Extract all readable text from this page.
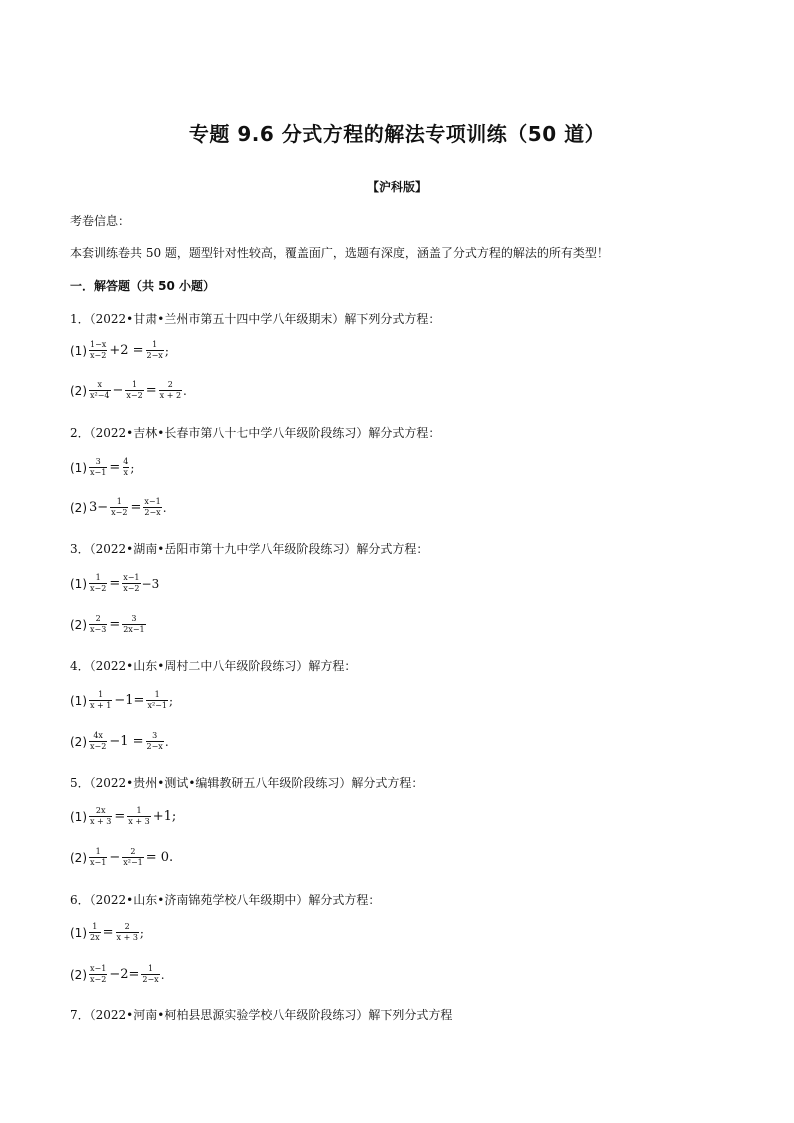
专题 9.6 分式方程的解法专项训练（50 道）
【沪科版】
考卷信息：
本套训练卷共 50 题，题型针对性较高，覆盖面广，选题有深度，涵盖了分式方程的解法的所有类型！
一．解答题（共 50 小题）
1．（2022•甘肃•兰州市第五十四中学八年级期末）解下列分式方程：
(1) 1−x
$x-2 +2 = \frac{1}{2-x}$ ;
(2) x
$x^2-4 - \frac{1}{x-2} = \frac{2}{x + 2}$ .
2．（2022•吉林•长春市第八十七中学八年级阶段练习）解分式方程：
$(1) \frac{3}{x-1} = \frac{4}{x}$ ;
(2) $3- \frac{1}{x-2} = \frac{x-1}{2-x}$ .
3．（2022•湖南•岳阳市第十九中学八年级阶段练习）解分式方程：
$(1) \frac{1}{x-2} = \frac{x-1}{x-2} -3$
$(2) \frac{2}{x-3} = \frac{3}{2x-1}$
4．（2022•山东•周村二中八年级阶段练习）解方程：
(1) 1
$x + 1 -1= \frac{1}{\text{x²−1}}$ ;
(2) 4x
$x-2 -1 = \frac{3}{2-x}$ .
5．（2022•贵州•测试•编辑教研五八年级阶段练习）解分式方程：
$(1) \frac{2x}{x + 3} = \frac{1}{x + 3} +1$;
(2) 1
$x-1 - \frac{2}{\text{x²−1}} = 0$.
6．（2022•山东•济南锦苑学校八年级期中）解分式方程：
$(1) \frac{1}{2x} = \frac{2}{x + 3}$ ;
(2) x−1
$x-2 -2= \frac{1}{2-x}$ .
7．（2022•河南•柯柏县思源实验学校八年级阶段练习）解下列分式方程
